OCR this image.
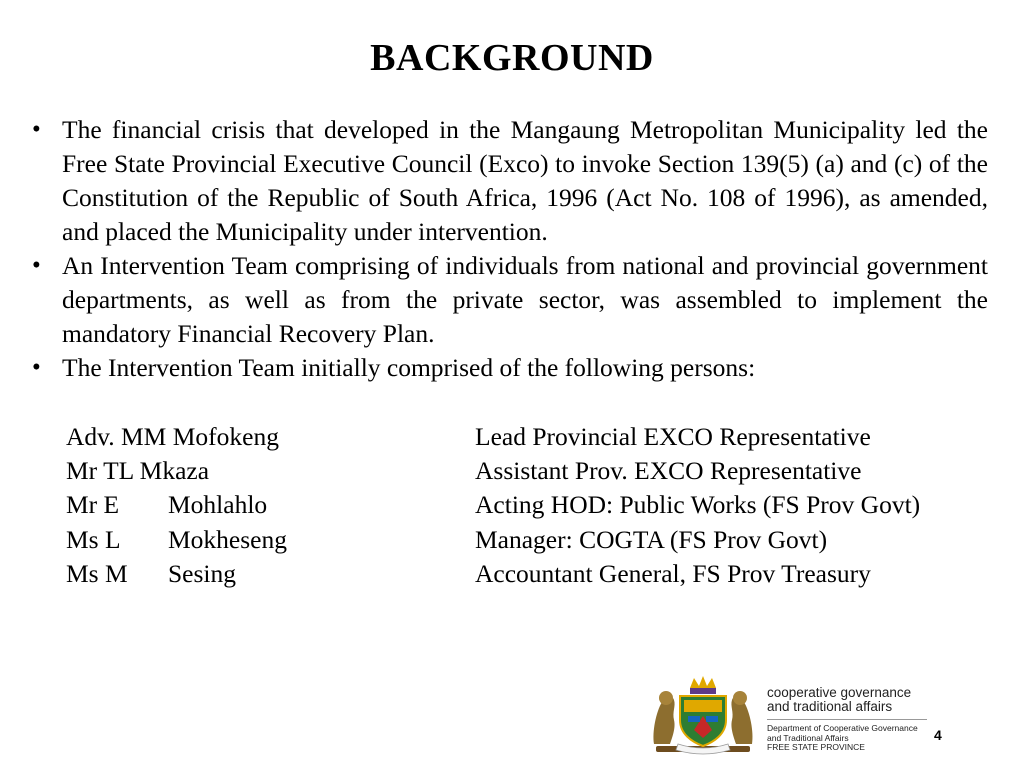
BACKGROUND
• The financial crisis that developed in the Mangaung Metropolitan Municipality led the Free State Provincial Executive Council (Exco) to invoke Section 139(5) (a) and (c) of the Constitution of the Republic of South Africa, 1996 (Act No. 108 of 1996), as amended, and placed the Municipality under intervention.
• An Intervention Team comprising of individuals from national and provincial government departments, as well as from the private sector, was assembled to implement the mandatory Financial Recovery Plan.
• The Intervention Team initially comprised of the following persons:
Adv. MM Mofokeng	Lead Provincial EXCO Representative
Mr TL Mkaza	Assistant Prov. EXCO Representative
Mr E Mohlahlo	Acting HOD: Public Works (FS Prov Govt)
Ms L Mokheseng	Manager: COGTA (FS Prov Govt)
Ms M Sesing	Accountant General, FS Prov Treasury
cooperative governance
and traditional affairs
Department of Cooperative Governance
and Traditional Affairs
FREE STATE PROVINCE
4
